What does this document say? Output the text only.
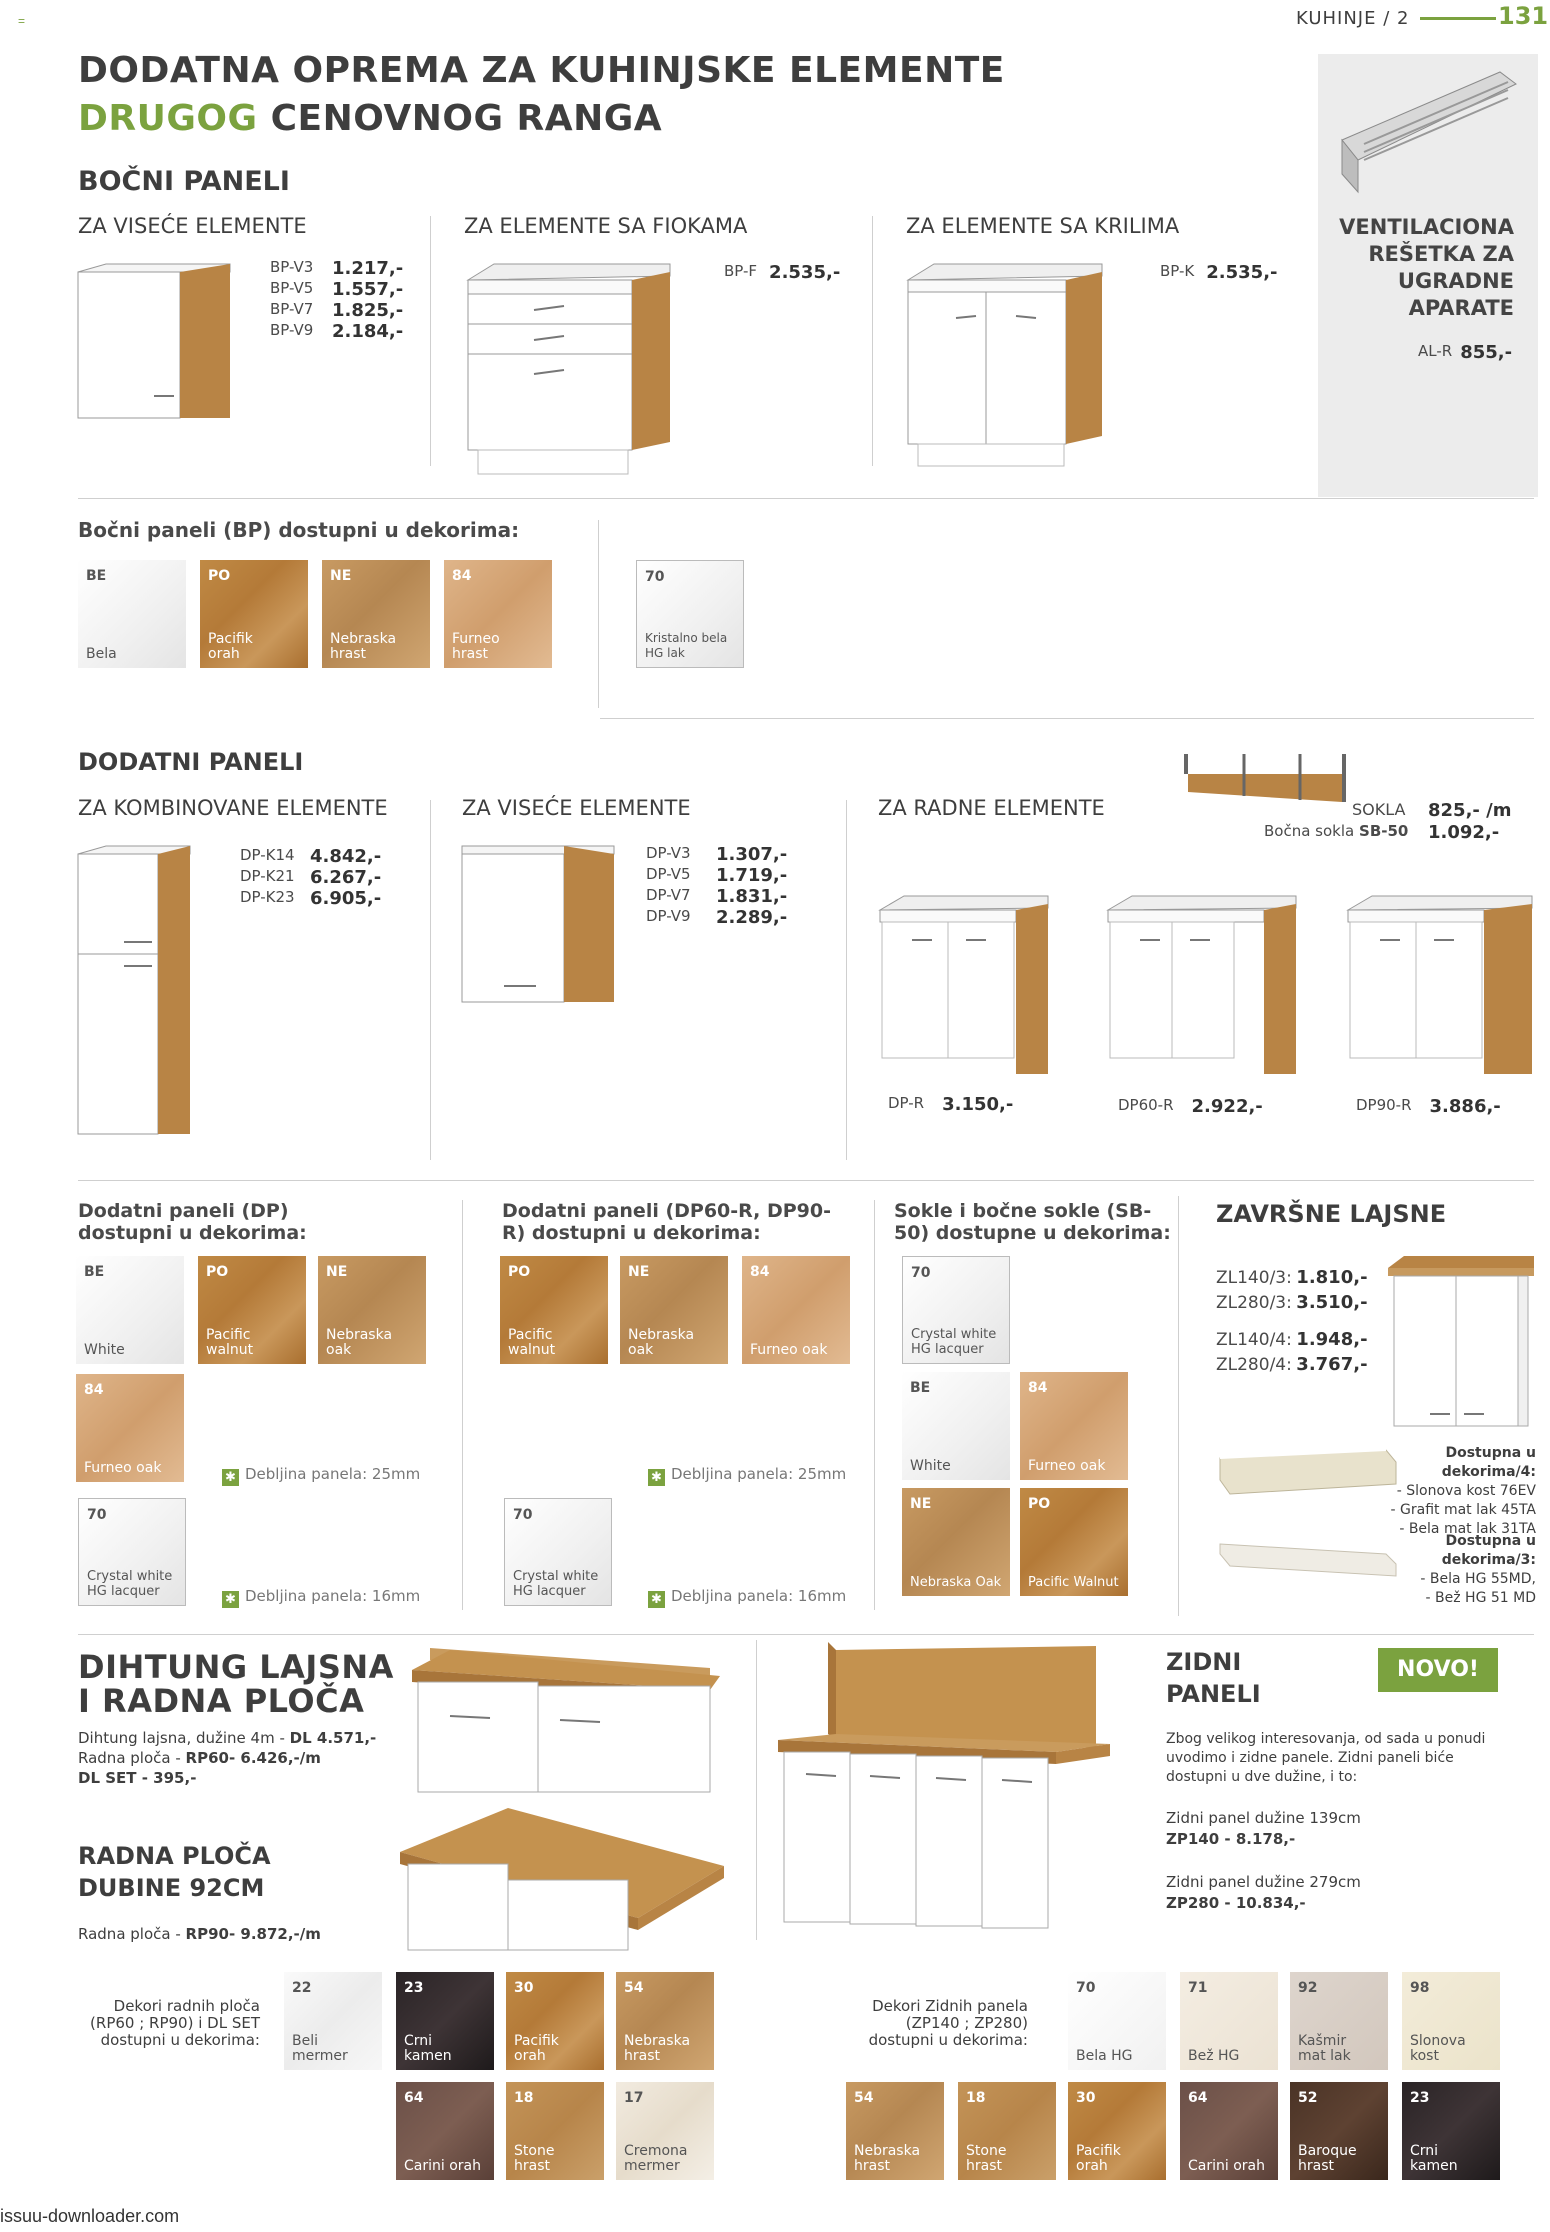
=	KUHINJE / 2	131
DODATNA OPREMA ZA KUHINJSKE ELEMENTE
DRUGOG CENOVNOG RANGA
BOČNI PANELI
ZA VISEĆE ELEMENTE	ZA ELEMENTE SA FIOKAMA	ZA ELEMENTE SA KRILIMA
BP-V3	1.217,-
BP-V5	1.557,-
BP-V7	1.825,-
BP-V9	2.184,-
BP-F 2.535,-	BP-K 2.535,-
VENTILACIONA REŠETKA ZA UGRADNE APARATE
AL-R 855,-
Bočni paneli (BP) dostupni u dekorima:
BE
Bela
PO
Pacifik orah
NE
Nebraska hrast
84
Furneo hrast
70
Kristalno bela HG lak
DODATNI PANELI
ZA KOMBINOVANE ELEMENTE	ZA VISEĆE ELEMENTE	ZA RADNE ELEMENTE
DP-K14 4.842,-
DP-K21 6.267,-
DP-K23 6.905,-
DP-V3	1.307,-
DP-V5	1.719,-
DP-V7	1.831,-
DP-V9	2.289,-
SOKLA 825,- /m
Bočna sokla SB-50 1.092,-
DP-R 3.150,-	DP60-R 2.922,-	DP90-R 3.886,-
Dodatni paneli (DP) dostupni u dekorima:
BE
White
PO
Pacific walnut
NE
Nebraska oak
84
Furneo oak
✱ Debljina panela: 25mm
70
Crystal white HG lacquer
✱ Debljina panela: 16mm
Dodatni paneli (DP60-R, DP90-R) dostupni u dekorima:
PO
Pacific walnut
NE
Nebraska oak
84
Furneo oak
✱ Debljina panela: 25mm
70
Crystal white HG lacquer
✱ Debljina panela: 16mm
Sokle i bočne sokle (SB-50) dostupne u dekorima:
70
Crystal white HG lacquer
BE
White
84
Furneo oak
NE
Nebraska Oak
PO
Pacific Walnut
ZAVRŠNE LAJSNE
ZL140/3: 1.810,-
ZL280/3: 3.510,-
ZL140/4: 1.948,-
ZL280/4: 3.767,-
Dostupna u dekorima/4:
- Slonova kost 76EV
- Grafit mat lak 45TA
- Bela mat lak 31TA
Dostupna u dekorima/3:
- Bela HG 55MD,
- Bež HG 51 MD
DIHTUNG LAJSNA
I RADNA PLOČA
Dihtung lajsna, dužine 4m - DL 4.571,-
Radna ploča - RP60- 6.426,-/m
DL SET - 395,-
RADNA PLOČA
DUBINE 92CM
Radna ploča - RP90- 9.872,-/m
ZIDNI
PANELI
NOVO!
Zbog velikog interesovanja, od sada u ponudi uvodimo i zidne panele. Zidni paneli biće dostupni u dve dužine, i to:
Zidni panel dužine 139cm
ZP140 - 8.178,-
Zidni panel dužine 279cm
ZP280 - 10.834,-
Dekori radnih ploča (RP60 ; RP90) i DL SET dostupni u dekorima:
22
Beli mermer
23
Crni kamen
30
Pacifik orah
54
Nebraska hrast
64
Carini orah
18
Stone hrast
17
Cremona mermer
Dekori Zidnih panela (ZP140 ; ZP280) dostupni u dekorima:
70
Bela HG
71
Bež HG
92
Kašmir mat lak
98
Slonova kost
54
Nebraska hrast
18
Stone hrast
30
Pacifik orah
64
Carini orah
52
Baroque hrast
23
Crni kamen
issuu-downloader.com
